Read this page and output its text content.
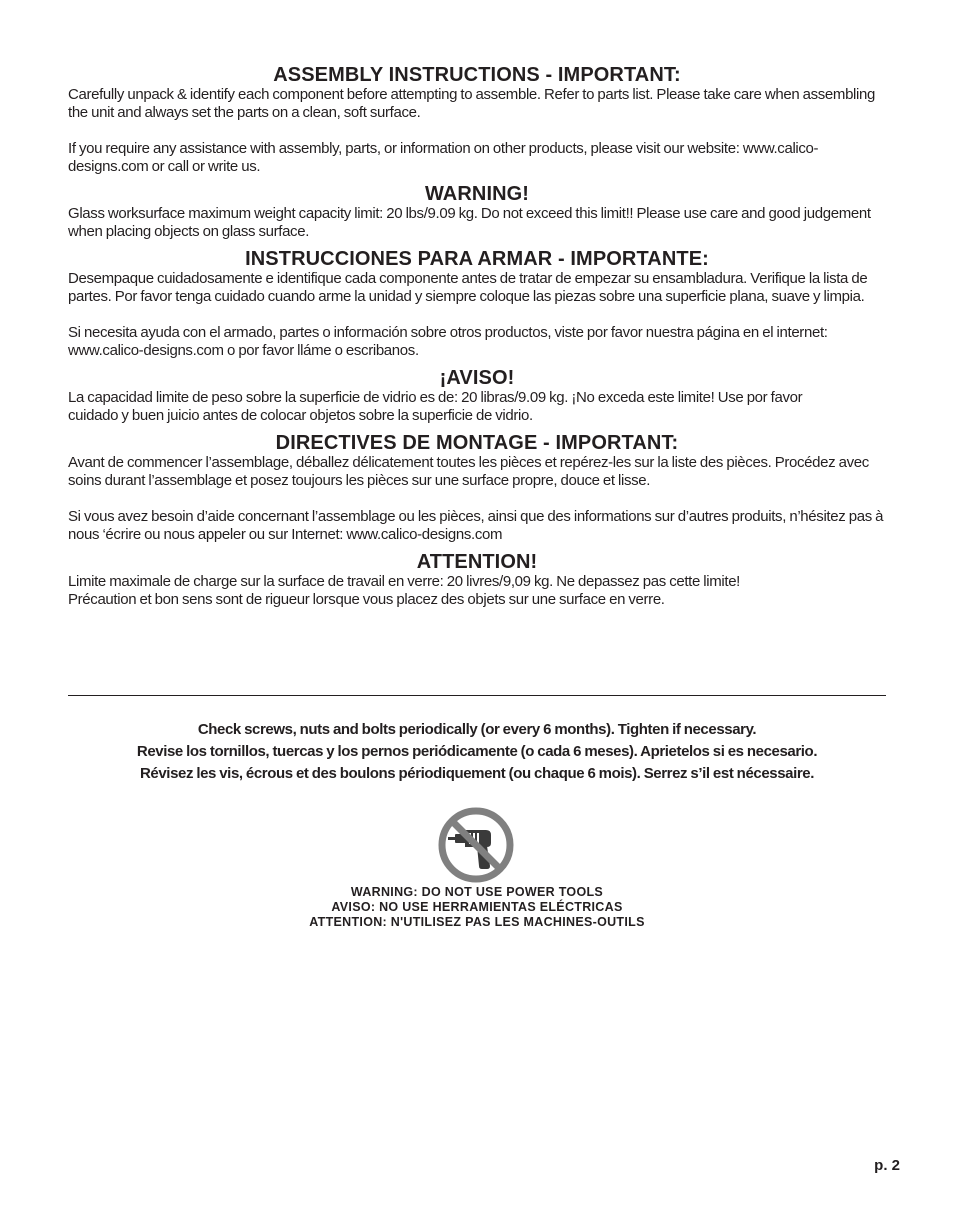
ASSEMBLY INSTRUCTIONS - IMPORTANT:

Carefully unpack & identify each component before attempting to assemble. Refer to parts list. Please take care when assembling the unit and always set the parts on a clean, soft surface.

If you require any assistance with assembly, parts, or information on other products, please visit our website: www.calico-designs.com or call or write us.

WARNING!

Glass worksurface maximum weight capacity limit: 20 lbs/9.09 kg. Do not exceed this limit!! Please use care and good judgement when placing objects on glass surface.

INSTRUCCIONES PARA ARMAR - IMPORTANTE:

Desempaque cuidadosamente e identifique cada componente antes de tratar de empezar su ensambladura. Verifique la lista de partes. Por favor tenga cuidado cuando arme la unidad y siempre coloque las piezas sobre una superficie plana, suave y limpia.

Si necesita ayuda con el armado, partes o información sobre otros productos, viste por favor nuestra página en el internet: www.calico-designs.com o por favor lláme o escribanos.

¡AVISO!

La capacidad limite de peso sobre la superficie de vidrio es de: 20 libras/9.09 kg. ¡No exceda este limite! Use por favor cuidado y buen juicio antes de colocar objetos sobre la superficie de vidrio.

DIRECTIVES DE MONTAGE - IMPORTANT:

Avant de commencer l’assemblage, déballez délicatement toutes les pièces et repérez-les sur la liste des pièces. Procédez avec soins durant l’assemblage et posez toujours les pièces sur une surface propre, douce et lisse.

Si vous avez besoin d’aide concernant l’assemblage ou les pièces, ainsi que des informations sur d’autres produits, n’hésitez pas à nous ‘écrire ou nous appeler ou sur Internet: www.calico-designs.com

ATTENTION!

Limite maximale de charge sur la surface de travail en verre: 20 livres/9,09 kg. Ne depassez pas cette limite! Précaution et bon sens sont de rigueur lorsque vous placez des objets sur une surface en verre.

Check screws, nuts and bolts periodically (or every 6 months). Tighten if necessary.
Revise los tornillos, tuercas y los pernos periódicamente (o cada 6 meses). Aprietelos si es necesario.
Révisez les vis, écrous et des boulons périodiquement (ou chaque 6 mois). Serrez s’il est nécessaire.
WARNING: DO NOT USE POWER TOOLS
AVISO: NO USE HERRAMIENTAS ELÉCTRICAS
ATTENTION: N'UTILISEZ PAS LES MACHINES-OUTILS
p. 2
